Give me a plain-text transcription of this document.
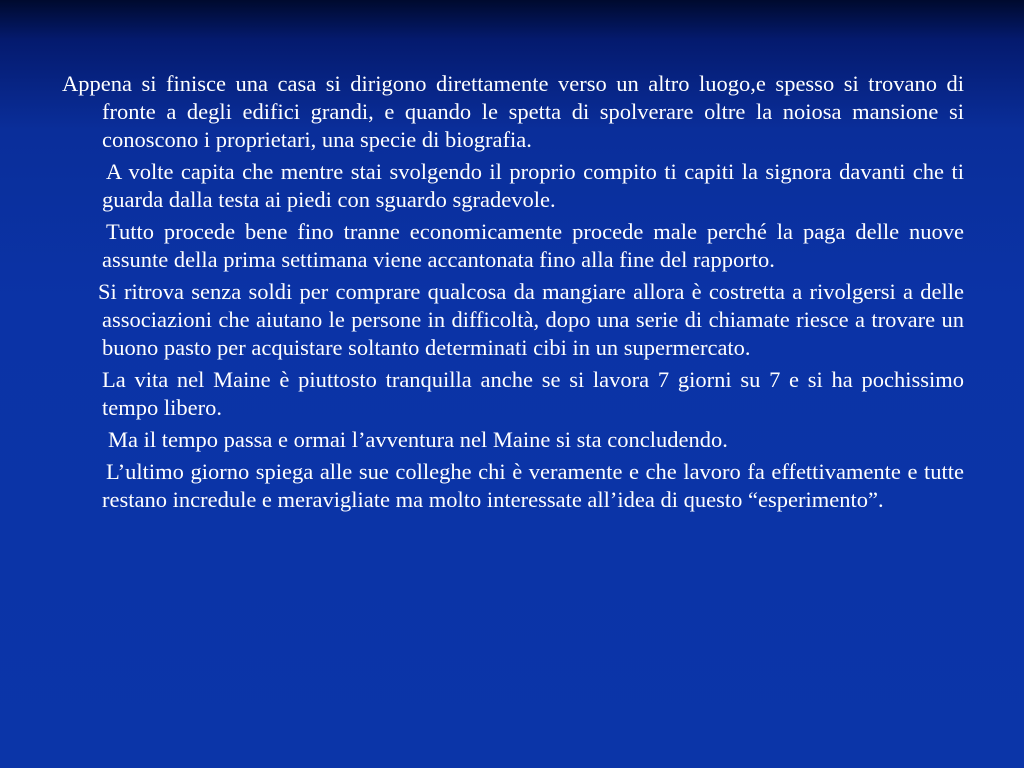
Appena si finisce una casa si dirigono direttamente verso un altro luogo,e spesso si trovano di fronte a degli edifici grandi, e quando le spetta di spolverare oltre la noiosa mansione si conoscono i proprietari, una specie di biografia.

A volte capita che mentre stai svolgendo il proprio compito ti capiti la signora davanti che ti guarda dalla testa ai piedi con sguardo sgradevole.

Tutto procede bene fino tranne economicamente procede male perché la paga delle nuove assunte della prima settimana viene accantonata fino alla fine del rapporto.

Si ritrova senza soldi per comprare qualcosa da mangiare allora è costretta a rivolgersi a delle associazioni che aiutano le persone in difficoltà, dopo una serie di chiamate riesce a trovare un buono pasto per acquistare soltanto determinati cibi in un supermercato.

La vita nel Maine è piuttosto tranquilla anche se si lavora 7 giorni su 7 e si ha pochissimo tempo libero.

Ma il tempo passa e ormai l’avventura nel Maine si sta concludendo.

L’ultimo giorno spiega alle sue colleghe chi è veramente e che lavoro fa effettivamente e tutte restano incredule e meravigliate ma molto interessate all’idea di questo “esperimento”.
